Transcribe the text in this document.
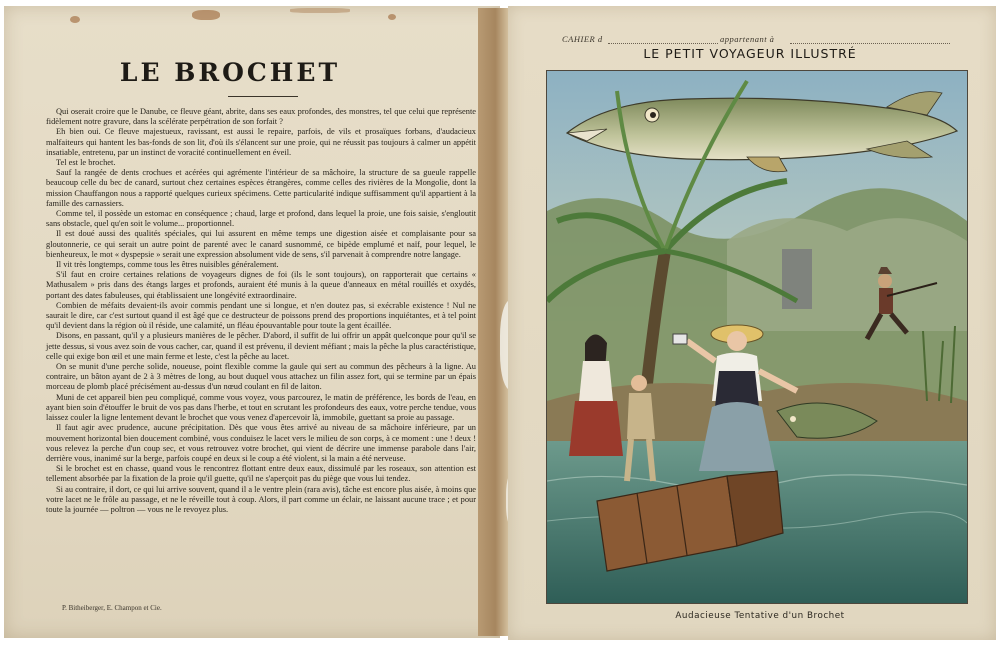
LE BROCHET

Qui oserait croire que le Danube, ce fleuve géant, abrite, dans ses eaux profondes, des monstres, tel que celui que représente fidèlement notre gravure, dans la scélérate perpétration de son forfait ?

Eh bien oui. Ce fleuve majestueux, ravissant, est aussi le repaire, parfois, de vils et prosaïques forbans, d'audacieux malfaiteurs qui hantent les bas-fonds de son lit, d'où ils s'élancent sur une proie, qui ne réussit pas toujours à calmer un appétit insatiable, entretenu, par un instinct de voracité continuellement en éveil.

Tel est le brochet.

Sauf la rangée de dents crochues et acérées qui agrémente l'intérieur de sa mâchoire, la structure de sa gueule rappelle beaucoup celle du bec de canard, surtout chez certaines espèces étrangères, comme celles des rivières de la Mongolie, dont la mission Chauffangon nous a rapporté quelques curieux spécimens. Cette particularité indique suffisamment qu'il appartient à la famille des carnassiers.

Comme tel, il possède un estomac en conséquence ; chaud, large et profond, dans lequel la proie, une fois saisie, s'engloutit sans obstacle, quel qu'en soit le volume... proportionnel.

Il est doué aussi des qualités spéciales, qui lui assurent en même temps une digestion aisée et complaisante pour sa gloutonnerie, ce qui serait un autre point de parenté avec le canard susnommé, ce bipède emplumé et naïf, pour lequel, le bienheureux, le mot « dyspepsie » serait une expression absolument vide de sens, s'il parvenait à comprendre notre langage.

Il vit très longtemps, comme tous les êtres nuisibles généralement.

S'il faut en croire certaines relations de voyageurs dignes de foi (ils le sont toujours), on rapporterait que certains « Mathusalem » pris dans des étangs larges et profonds, auraient été munis à la queue d'anneaux en métal rouillés et oxydés, portant des dates fabuleuses, qui établissaient une longévité extraordinaire.

Combien de méfaits devaient-ils avoir commis pendant une si longue, et n'en doutez pas, si exécrable existence ! Nul ne saurait le dire, car c'est surtout quand il est âgé que ce destructeur de poissons prend des proportions inquiétantes, et à tel point qu'il devient dans la région où il réside, une calamité, un fléau épouvantable pour toute la gent écaillée.

Disons, en passant, qu'il y a plusieurs manières de le pêcher. D'abord, il suffit de lui offrir un appât quelconque pour qu'il se jette dessus, si vous avez soin de vous cacher, car, quand il est prévenu, il devient méfiant ; mais la pêche la plus caractéristique, celle qui exige bon œil et une main ferme et leste, c'est la pêche au lacet.

On se munit d'une perche solide, noueuse, point flexible comme la gaule qui sert au commun des pêcheurs à la ligne. Au contraire, un bâton ayant de 2 à 3 mètres de long, au bout duquel vous attachez un filin assez fort, qui se termine par un épais morceau de plomb placé précisément au-dessus d'un nœud coulant en fil de laiton.

Muni de cet appareil bien peu compliqué, comme vous voyez, vous parcourez, le matin de préférence, les bords de l'eau, en ayant bien soin d'étouffer le bruit de vos pas dans l'herbe, et tout en scrutant les profondeurs des eaux, votre perche tendue, vous laissez couler la ligne lentement devant le brochet que vous venez d'apercevoir là, immobile, guettant sa proie au passage.

Il faut agir avec prudence, aucune précipitation. Dès que vous êtes arrivé au niveau de sa mâchoire inférieure, par un mouvement horizontal bien doucement combiné, vous conduisez le lacet vers le milieu de son corps, à ce moment : une ! deux ! vous relevez la perche d'un coup sec, et vous retrouvez votre brochet, qui vient de décrire une immense parabole dans l'air, derrière vous, inanimé sur la berge, parfois coupé en deux si le coup a été violent, si la main a été nerveuse.

Si le brochet est en chasse, quand vous le rencontrez flottant entre deux eaux, dissimulé par les roseaux, son attention est tellement absorbée par la fixation de la proie qu'il guette, qu'il ne s'aperçoit pas du piège que vous lui tendez.

Si au contraire, il dort, ce qui lui arrive souvent, quand il a le ventre plein (rara avis), tâche est encore plus aisée, à moins que votre lacet ne le frôle au passage, et ne le réveille tout à coup. Alors, il part comme un éclair, ne laissant aucune trace ; et pour toute la journée — poltron — vous ne le revoyez plus.

P. Bitheiberger, E. Champon et Cie.
CAHIER d	appartenant à
LE PETIT VOYAGEUR ILLUSTRÉ
Audacieuse Tentative d'un Brochet
